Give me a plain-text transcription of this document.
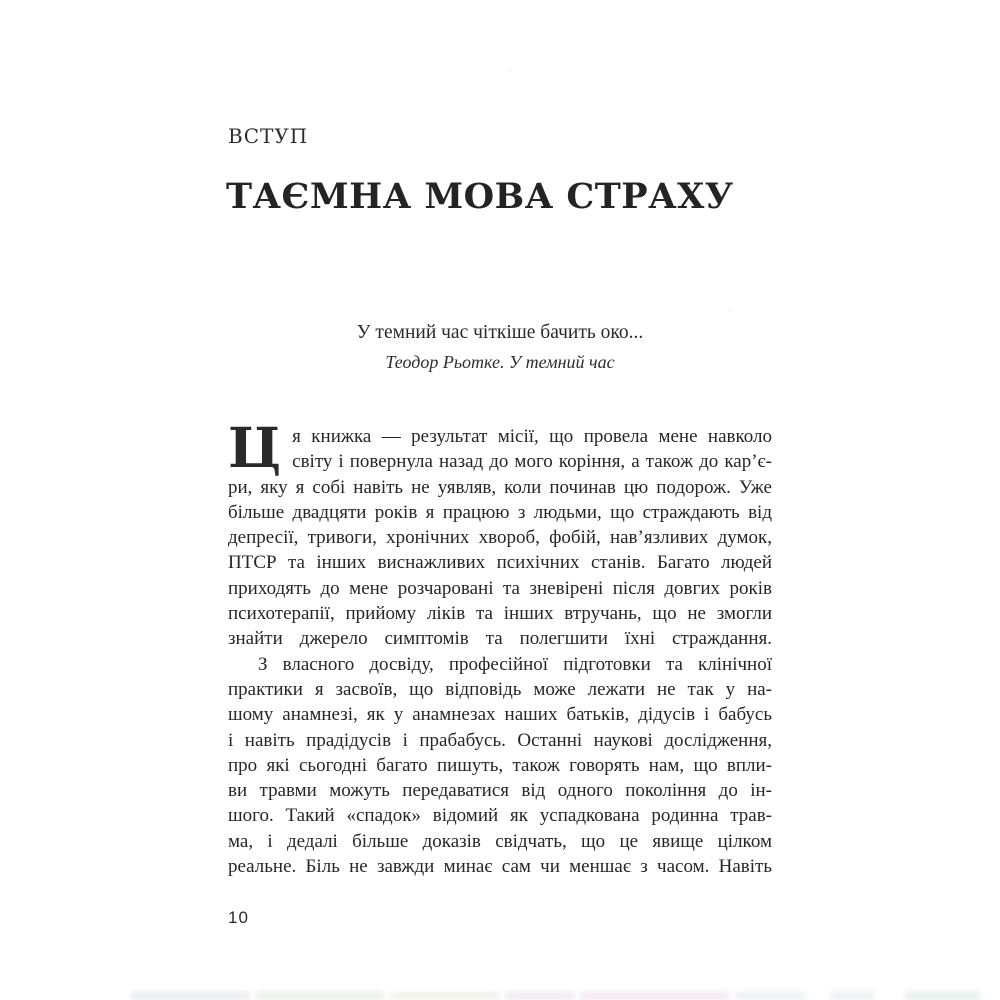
ВСТУП
ТАЄМНА МОВА СТРАХУ
У темний час чіткіше бачить око...
Теодор Рьотке. У темний час
Ц я книжка — результат місії, що провела мене навколо
світу і повернула назад до мого коріння, а також до кар’є-
ри, яку я собі навіть не уявляв, коли починав цю подорож. Уже
більше двадцяти років я працюю з людьми, що страждають від
депресії, тривоги, хронічних хвороб, фобій, нав’язливих думок,
ПТСР та інших виснажливих психічних станів. Багато людей
приходять до мене розчаровані та зневірені після довгих років
психотерапії, прийому ліків та інших втручань, що не змогли
знайти джерело симптомів та полегшити їхні страждання.
З власного досвіду, професійної підготовки та клінічної
практики я засвоїв, що відповідь може лежати не так у на-
шому анамнезі, як у анамнезах наших батьків, дідусів і бабусь
і навіть прадідусів і прабабусь. Останні наукові дослідження,
про які сьогодні багато пишуть, також говорять нам, що впли-
ви травми можуть передаватися від одного покоління до ін-
шого. Такий «спадок» відомий як успадкована родинна трав-
ма, і дедалі більше доказів свідчать, що це явище цілком
реальне. Біль не завжди минає сам чи меншає з часом. Навіть
10
